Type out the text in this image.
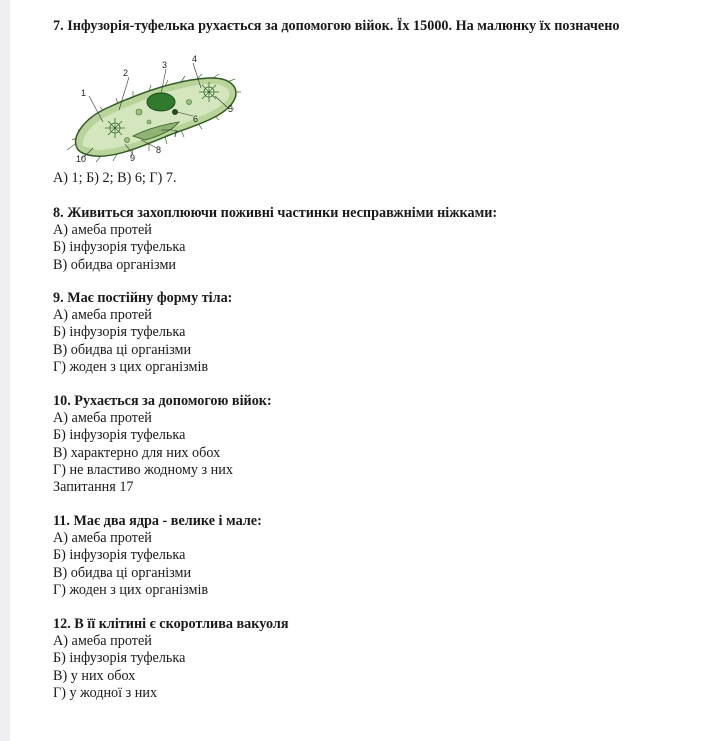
7. Інфузорія-туфелька рухається за допомогою війок. Їх 15000. На малюнку їх позначено
1
2
3
4
5
6
7
8
9
10
А) 1; Б) 2; В) 6; Г) 7.
8. Живиться захоплюючи поживні частинки несправжніми ніжками:
А) амеба протей
Б) інфузорія туфелька
В) обидва організми
9. Має постійну форму тіла:
А) амеба протей
Б) інфузорія туфелька
В) обидва ці організми
Г) жоден з цих організмів
10. Рухається за допомогою війок:
А) амеба протей
Б) інфузорія туфелька
В) характерно для них обох
Г) не властиво жодному з них
Запитання 17
11. Має два ядра - велике і мале:
А) амеба протей
Б) інфузорія туфелька
В) обидва ці організми
Г) жоден з цих організмів
12. В її клітині є скоротлива вакуоля
А) амеба протей
Б) інфузорія туфелька
В) у них обох
Г) у жодної з них
